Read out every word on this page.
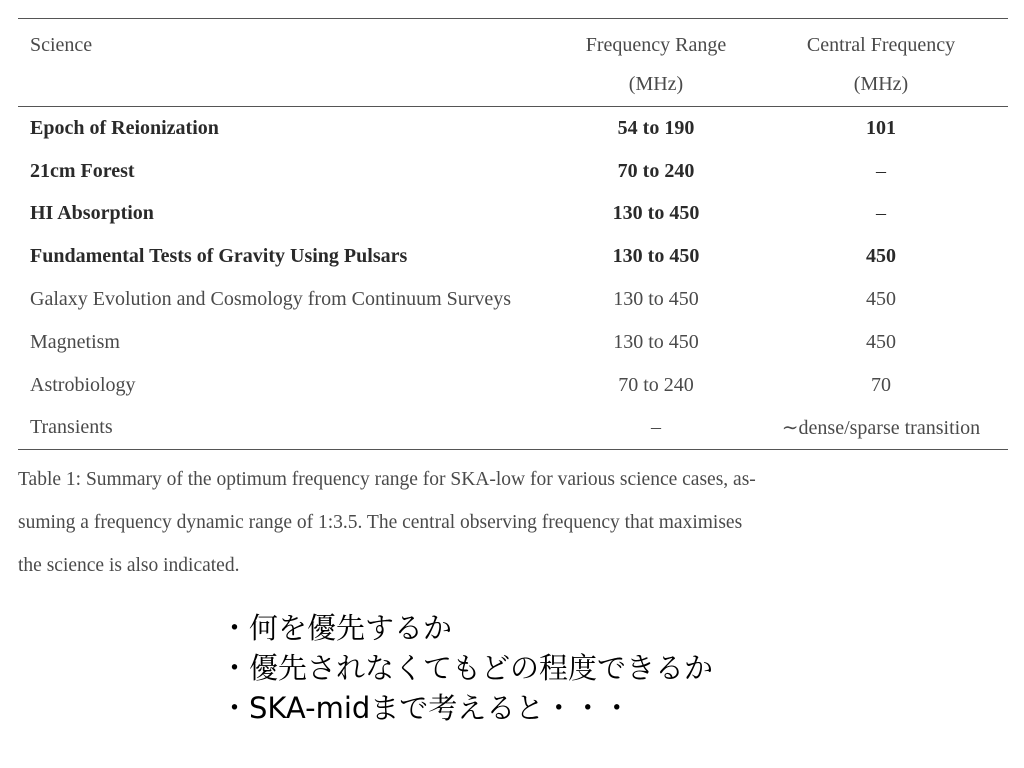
Science	Frequency Range	Central Frequency
	(MHz)	(MHz)
Epoch of Reionization	54 to 190	101
21cm Forest	70 to 240	–
HI Absorption	130 to 450	–
Fundamental Tests of Gravity Using Pulsars	130 to 450	450
Galaxy Evolution and Cosmology from Continuum Surveys	130 to 450	450
Magnetism	130 to 450	450
Astrobiology	70 to 240	70
Transients	–	∼dense/sparse transition
Table 1: Summary of the optimum frequency range for SKA-low for various science cases, as-
suming a frequency dynamic range of 1:3.5. The central observing frequency that maximises
the science is also indicated.
・何を優先するか
・優先されなくてもどの程度できるか
・SKA-midまで考えると・・・
